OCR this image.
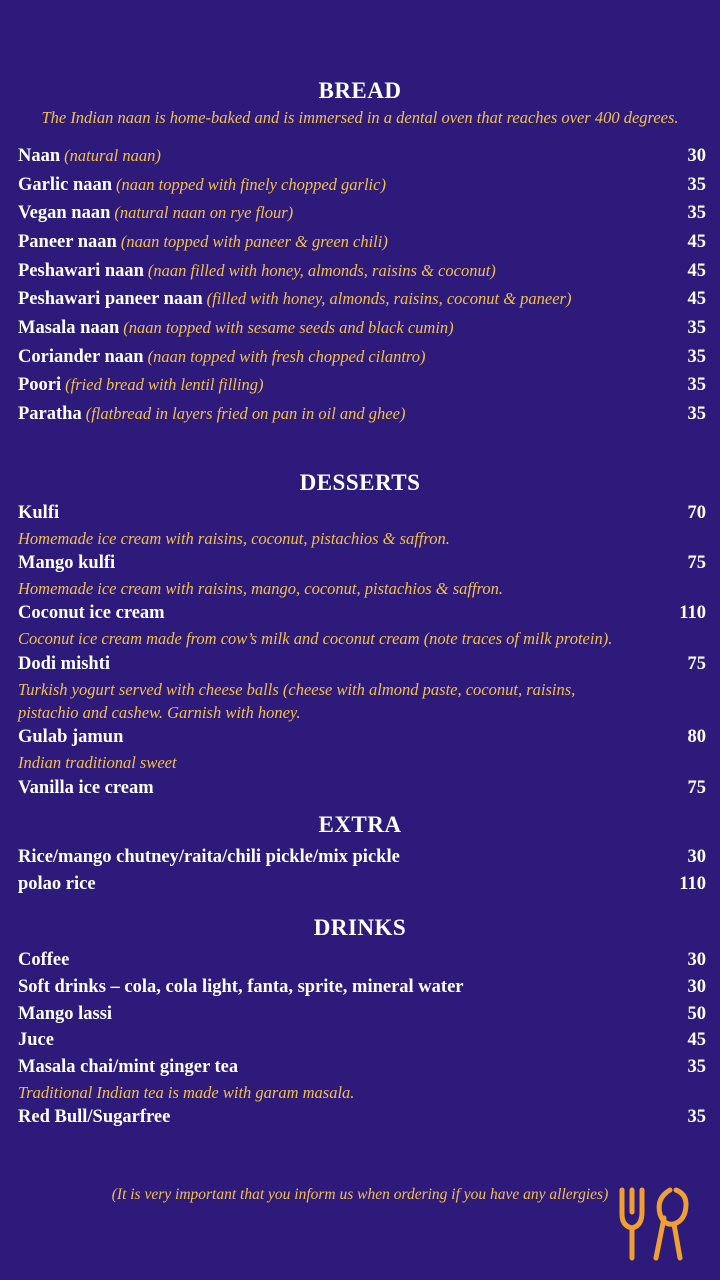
BREAD
The Indian naan is home-baked and is immersed in a dental oven that reaches over 400 degrees.
Naan (natural naan)	30
Garlic naan (naan topped with finely chopped garlic)	35
Vegan naan (natural naan on rye flour)	35
Paneer naan (naan topped with paneer & green chili)	45
Peshawari naan (naan filled with honey, almonds, raisins & coconut)	45
Peshawari paneer naan (filled with honey, almonds, raisins, coconut & paneer)	45
Masala naan (naan topped with sesame seeds and black cumin)	35
Coriander naan (naan topped with fresh chopped cilantro)	35
Poori (fried bread with lentil filling)	35
Paratha (flatbread in layers fried on pan in oil and ghee)	35
DESSERTS
Kulfi	70
Homemade ice cream with raisins, coconut, pistachios & saffron.
Mango kulfi	75
Homemade ice cream with raisins, mango, coconut, pistachios & saffron.
Coconut ice cream	110
Coconut ice cream made from cow’s milk and coconut cream (note traces of milk protein).
Dodi mishti	75
Turkish yogurt served with cheese balls (cheese with almond paste, coconut, raisins,
pistachio and cashew. Garnish with honey.
Gulab jamun	80
Indian traditional sweet
Vanilla ice cream	75
EXTRA
Rice/mango chutney/raita/chili pickle/mix pickle	30
polao rice	110
DRINKS
Coffee	30
Soft drinks – cola, cola light, fanta, sprite, mineral water	30
Mango lassi	50
Juce	45
Masala chai/mint ginger tea	35
Traditional Indian tea is made with garam masala.
Red Bull/Sugarfree	35
(It is very important that you inform us when ordering if you have any allergies)
